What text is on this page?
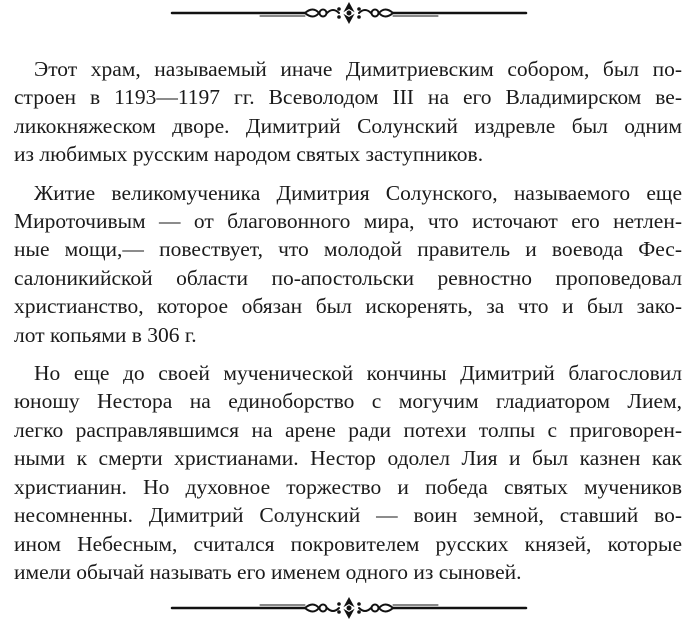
Этот храм, называемый иначе Димитриевским собором, был по-
строен в 1193—1197 гг. Всеволодом III на его Владимирском ве-
ликокняжеском дворе. Димитрий Солунский издревле был одним
из любимых русским народом святых заступников.

Житие великомученика Димитрия Солунского, называемого еще
Мироточивым — от благовонного мира, что источают его нетлен-
ные мощи,— повествует, что молодой правитель и воевода Фес-
салоникийской области по-апостольски ревностно проповедовал
христианство, которое обязан был искоренять, за что и был зако-
лот копьями в 306 г.

Но еще до своей мученической кончины Димитрий благословил
юношу Нестора на единоборство с могучим гладиатором Лием,
легко расправлявшимся на арене ради потехи толпы с приговорен-
ными к смерти христианами. Нестор одолел Лия и был казнен как
христианин. Но духовное торжество и победа святых мучеников
несомненны. Димитрий Солунский — воин земной, ставший во-
ином Небесным, считался покровителем русских князей, которые
имели обычай называть его именем одного из сыновей.
